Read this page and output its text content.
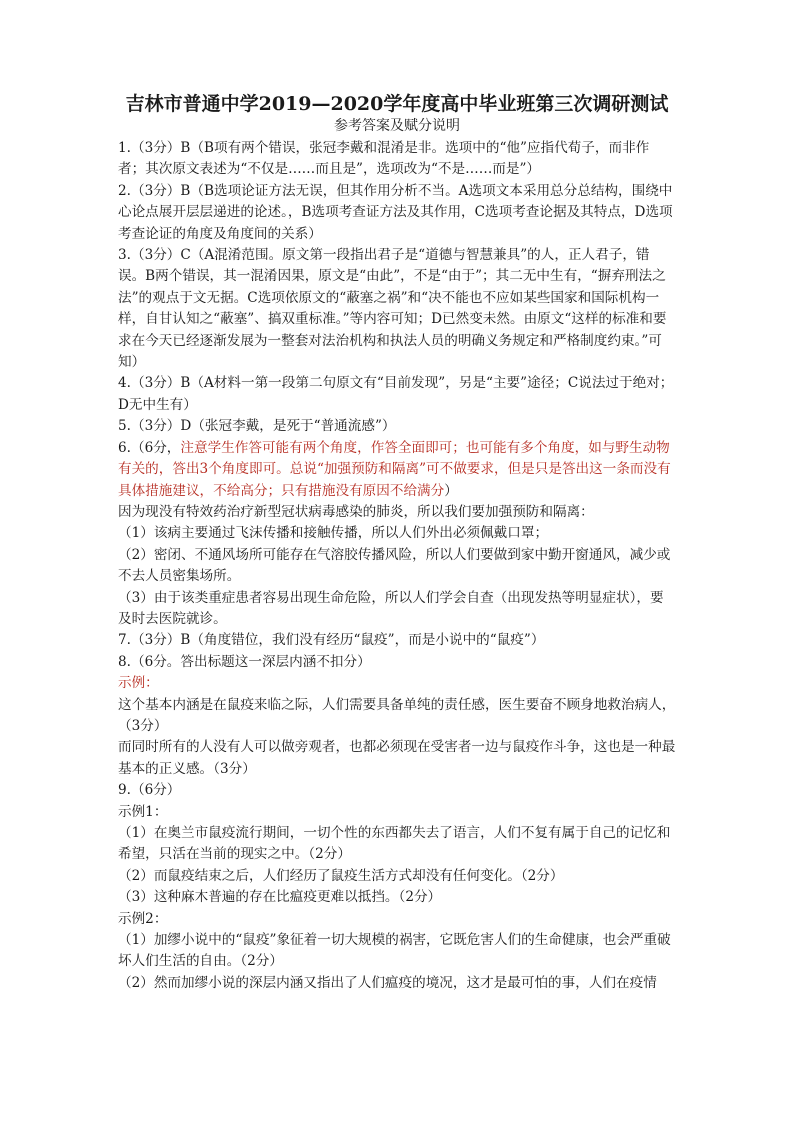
吉林市普通中学2019—2020学年度高中毕业班第三次调研测试
参考答案及赋分说明

1.（3分）B（B项有两个错误，张冠李戴和混淆是非。选项中的“他”应指代荀子，而非作者；其次原文表述为“不仅是……而且是”，选项改为“不是……而是”）

2.（3分）B（B选项论证方法无误，但其作用分析不当。A选项文本采用总分总结构，围绕中心论点展开层层递进的论述。，B选项考查证方法及其作用，C选项考查论据及其特点，D选项考查论证的角度及角度间的关系）

3.（3分）C（A混淆范围。原文第一段指出君子是“道德与智慧兼具”的人，正人君子，错误。B两个错误，其一混淆因果，原文是“由此”，不是“由于”；其二无中生有，“摒弃刑法之法”的观点于文无据。C选项依原文的“蔽塞之祸”和“决不能也不应如某些国家和国际机构一样，自甘认知之“蔽塞”、搞双重标准。”等内容可知；D已然变未然。由原文“这样的标准和要求在今天已经逐渐发展为一整套对法治机构和执法人员的明确义务规定和严格制度约束。”可知）

4.（3分）B（A材料一第一段第二句原文有“目前发现”，另是“主要”途径；C说法过于绝对；D无中生有）

5.（3分）D（张冠李戴，是死于“普通流感”）

6.（6分，注意学生作答可能有两个角度，作答全面即可；也可能有多个角度，如与野生动物有关的，答出3个角度即可。总说“加强预防和隔离”可不做要求，但是只是答出这一条而没有具体措施建议，不给高分；只有措施没有原因不给满分）

因为现没有特效药治疗新型冠状病毒感染的肺炎，所以我们要加强预防和隔离：

（1）该病主要通过飞沫传播和接触传播，所以人们外出必须佩戴口罩；

（2）密闭、不通风场所可能存在气溶胶传播风险，所以人们要做到家中勤开窗通风，减少或不去人员密集场所。

（3）由于该类重症患者容易出现生命危险，所以人们学会自查（出现发热等明显症状），要及时去医院就诊。

7.（3分）B（角度错位，我们没有经历“鼠疫”，而是小说中的“鼠疫”）

8.（6分。答出标题这一深层内涵不扣分）

示例：

这个基本内涵是在鼠疫来临之际，人们需要具备单纯的责任感，医生要奋不顾身地救治病人，（3分）

而同时所有的人没有人可以做旁观者，也都必须现在受害者一边与鼠疫作斗争，这也是一种最基本的正义感。（3分）

9.（6分）

示例1：

（1）在奥兰市鼠疫流行期间，一切个性的东西都失去了语言，人们不复有属于自己的记忆和希望，只活在当前的现实之中。（2分）

（2）而鼠疫结束之后，人们经历了鼠疫生活方式却没有任何变化。（2分）

（3）这种麻木普遍的存在比瘟疫更难以抵挡。（2分）

示例2：

（1）加缪小说中的“鼠疫”象征着一切大规模的祸害，它既危害人们的生命健康，也会严重破坏人们生活的自由。（2分）

（2）然而加缪小说的深层内涵又指出了人们瘟疫的境况，这才是最可怕的事，人们在疫情
